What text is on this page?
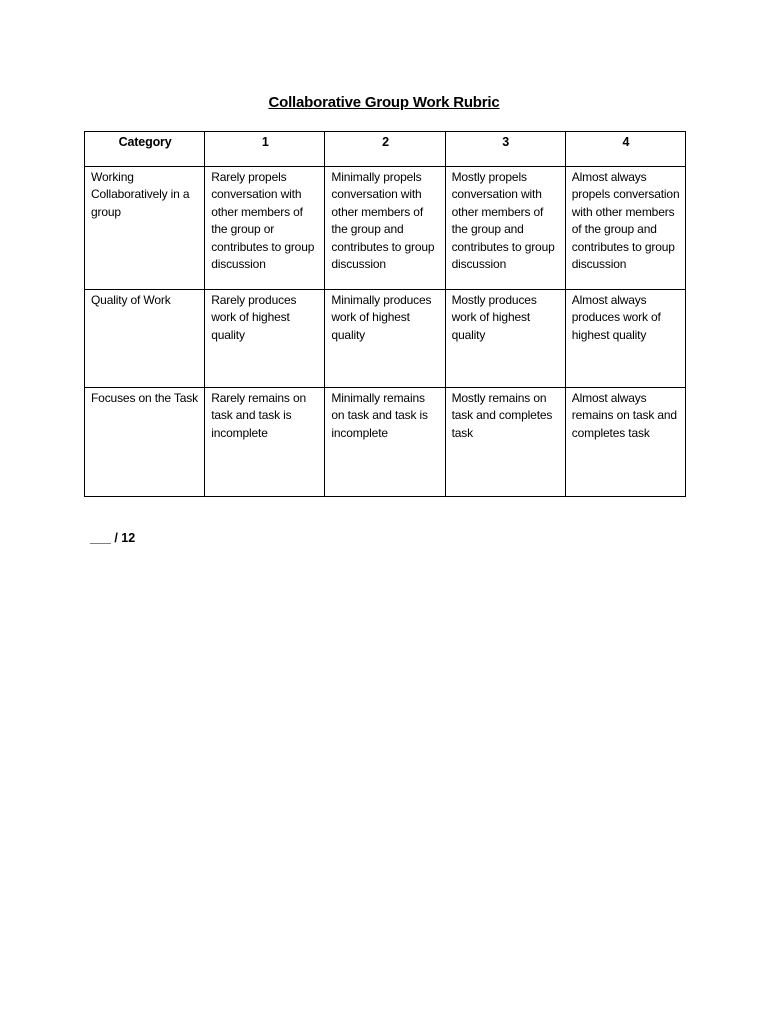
Collaborative Group Work Rubric
Category	1	2	3	4
Working Collaboratively in a group	Rarely propels conversation with other members of the group or contributes to group discussion	Minimally propels conversation with other members of the group and contributes to group discussion	Mostly propels conversation with other members of the group and contributes to group discussion	Almost always propels conversation with other members of the group and contributes to group discussion
Quality of Work	Rarely produces work of highest quality	Minimally produces work of highest quality	Mostly produces work of highest quality	Almost always produces work of highest quality
Focuses on the Task	Rarely remains on task and task is incomplete	Minimally remains on task and task is incomplete	Mostly remains on task and completes task	Almost always remains on task and completes task
___ / 12
